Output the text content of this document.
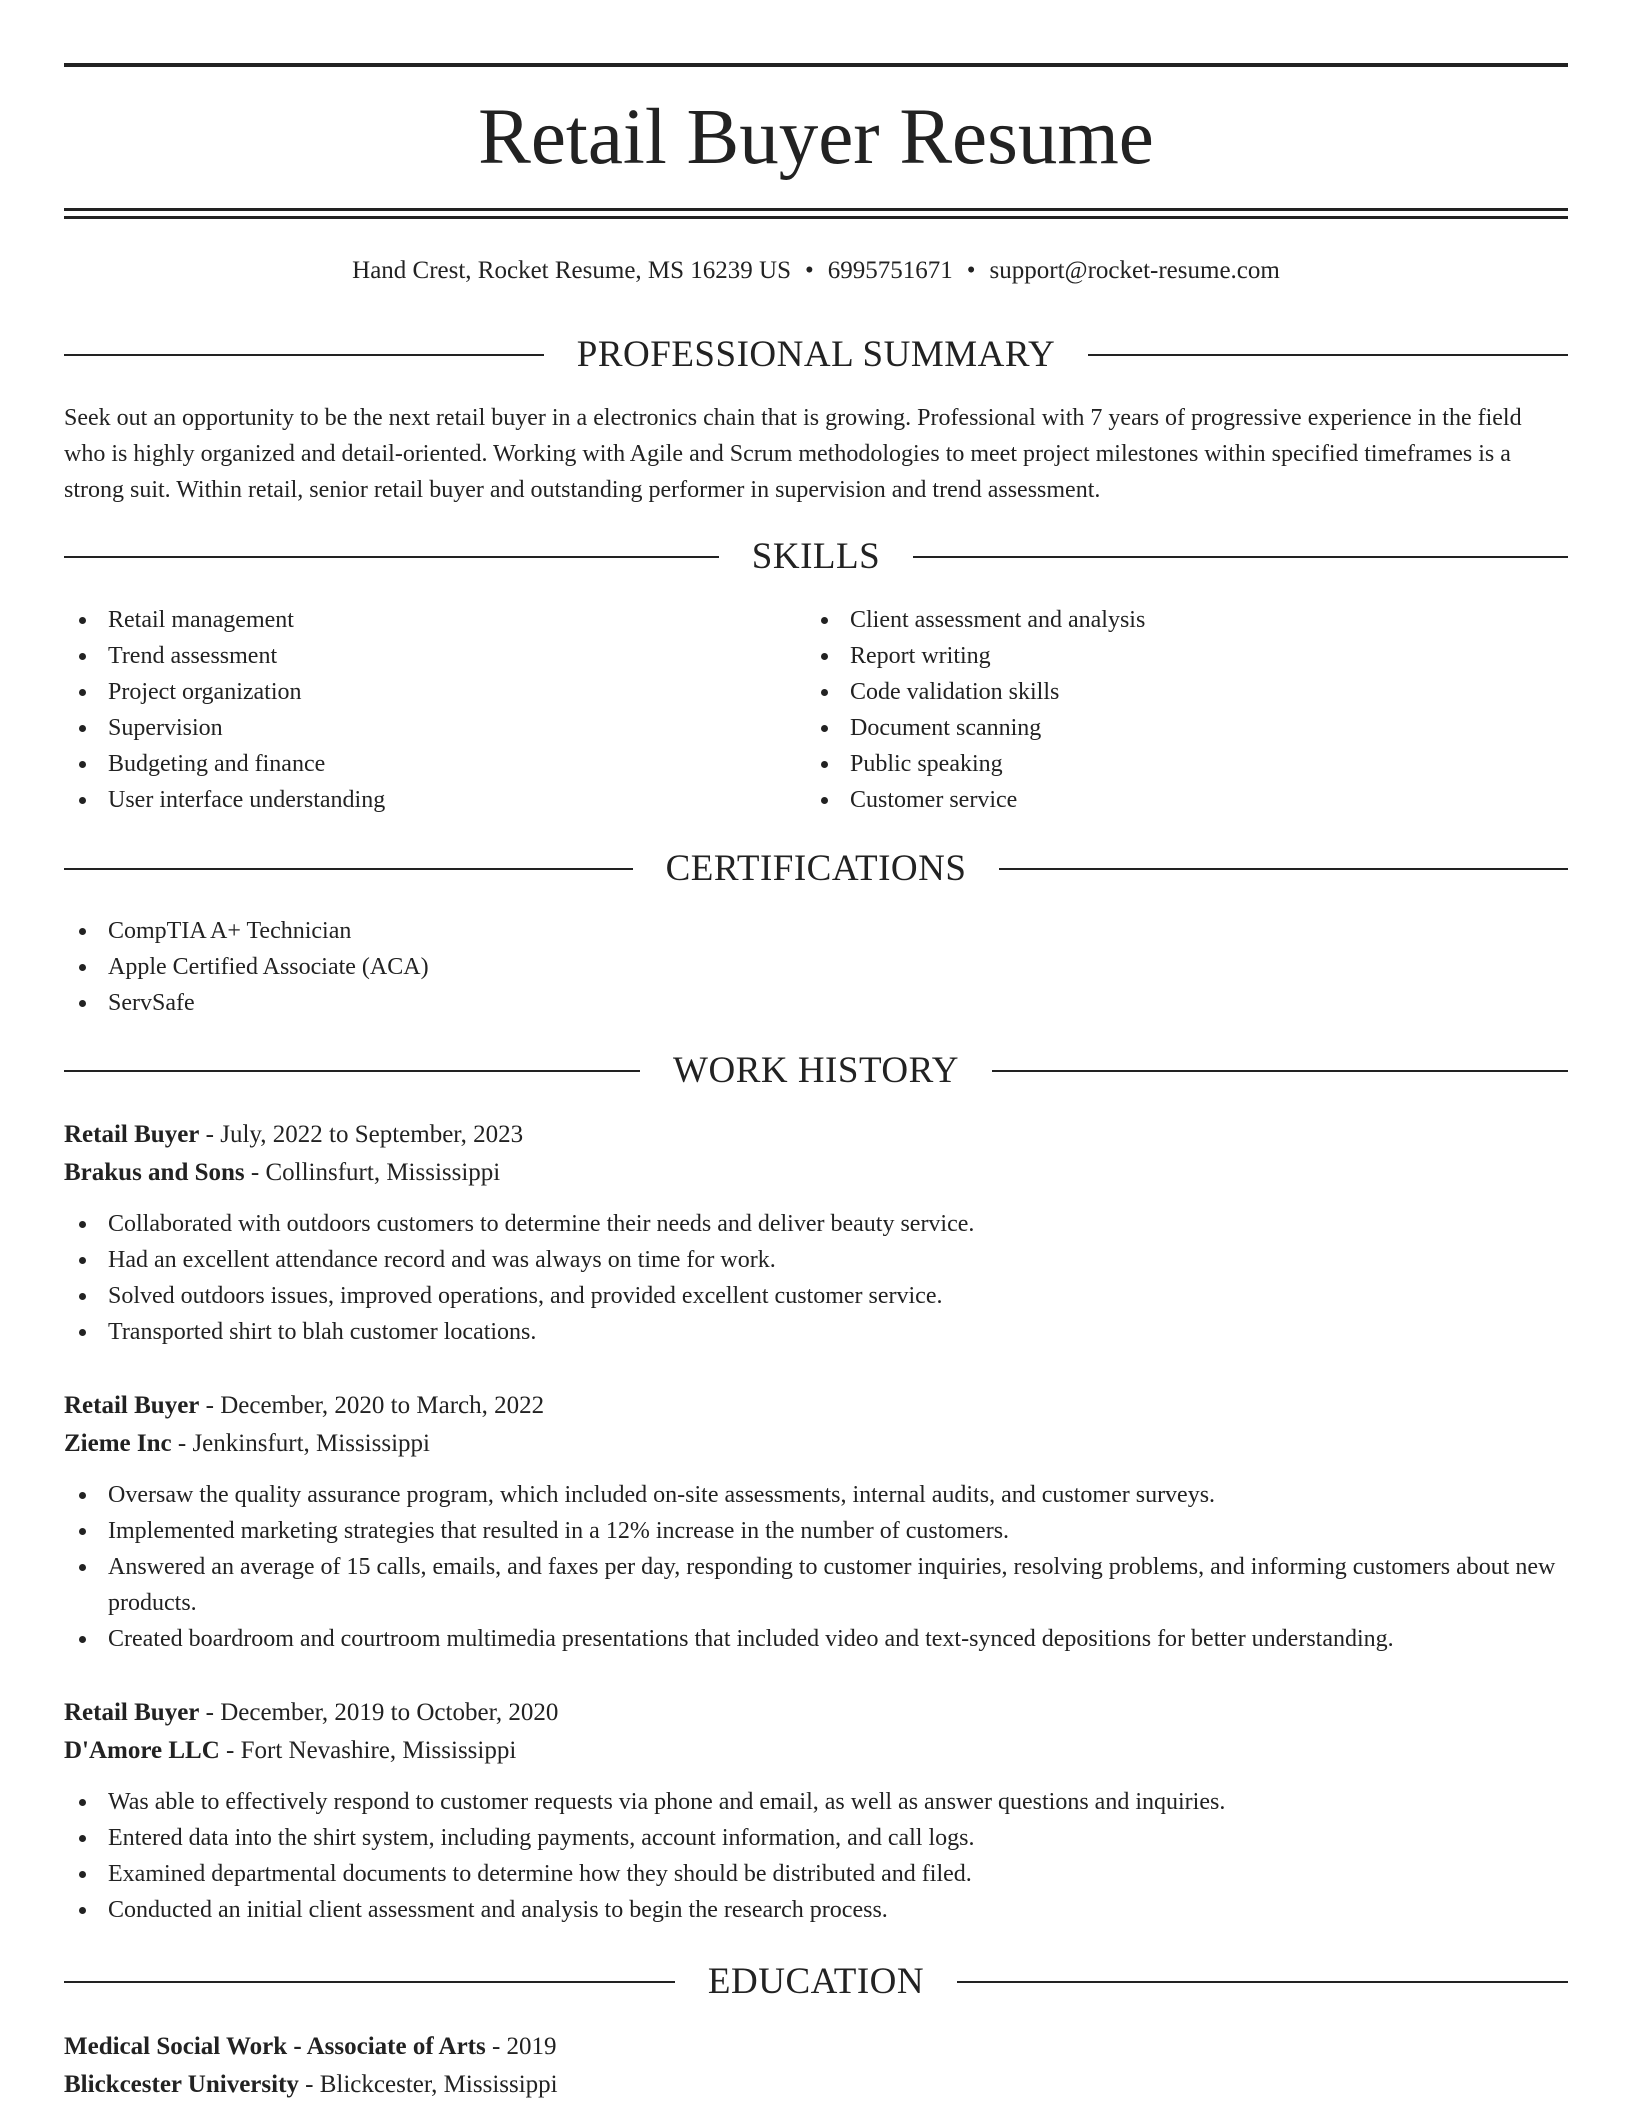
Retail Buyer Resume
Hand Crest, Rocket Resume, MS 16239 US • 6995751671 • support@rocket-resume.com
PROFESSIONAL SUMMARY

Seek out an opportunity to be the next retail buyer in a electronics chain that is growing. Professional with 7 years of progressive experience in the field who is highly organized and detail-oriented. Working with Agile and Scrum methodologies to meet project milestones within specified timeframes is a strong suit. Within retail, senior retail buyer and outstanding performer in supervision and trend assessment.

SKILLS
Retail management
Trend assessment
Project organization
Supervision
Budgeting and finance
User interface understanding
Client assessment and analysis
Report writing
Code validation skills
Document scanning
Public speaking
Customer service
CERTIFICATIONS
CompTIA A+ Technician
Apple Certified Associate (ACA)
ServSafe
WORK HISTORY
Retail Buyer - July, 2022 to September, 2023
Brakus and Sons - Collinsfurt, Mississippi
Collaborated with outdoors customers to determine their needs and deliver beauty service.
Had an excellent attendance record and was always on time for work.
Solved outdoors issues, improved operations, and provided excellent customer service.
Transported shirt to blah customer locations.
Retail Buyer - December, 2020 to March, 2022
Zieme Inc - Jenkinsfurt, Mississippi
Oversaw the quality assurance program, which included on-site assessments, internal audits, and customer surveys.
Implemented marketing strategies that resulted in a 12% increase in the number of customers.
Answered an average of 15 calls, emails, and faxes per day, responding to customer inquiries, resolving problems, and informing customers about new products.
Created boardroom and courtroom multimedia presentations that included video and text-synced depositions for better understanding.
Retail Buyer - December, 2019 to October, 2020
D'Amore LLC - Fort Nevashire, Mississippi
Was able to effectively respond to customer requests via phone and email, as well as answer questions and inquiries.
Entered data into the shirt system, including payments, account information, and call logs.
Examined departmental documents to determine how they should be distributed and filed.
Conducted an initial client assessment and analysis to begin the research process.
EDUCATION
Medical Social Work - Associate of Arts - 2019
Blickcester University - Blickcester, Mississippi
